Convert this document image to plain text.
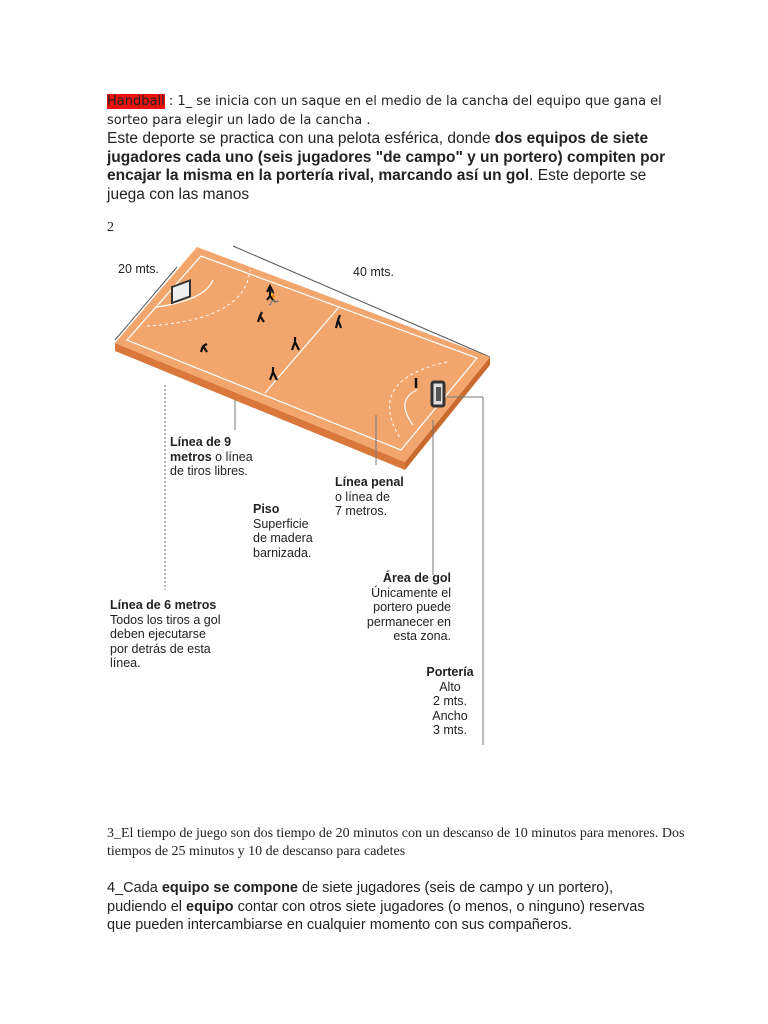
Handball : 1_ se inicia con un saque en el medio de la cancha del equipo que gana el sorteo para elegir un lado de la cancha .
Este deporte se practica con una pelota esférica, donde dos equipos de siete jugadores cada uno (seis jugadores "de campo" y un portero) compiten por encajar la misma en la portería rival, marcando así un gol. Este deporte se juega con las manos
2
🏃
20 mts.	40 mts.
Línea de 9
metros o línea
de tiros libres.
Piso
Superficie
de madera
barnizada.
Línea penal
o línea de
7 metros.
Área de gol
Únicamente el
portero puede
permanecer en
esta zona.
Línea de 6 metros
Todos los tiros a gol
deben ejecutarse
por detrás de esta
línea.
Portería
Alto
2 mts.
Ancho
3 mts.
3_El tiempo de juego son dos tiempo de 20 minutos con un descanso de 10 minutos para menores. Dos tiempos de 25 minutos y 10 de descanso para cadetes
4_Cada equipo se compone de siete jugadores (seis de campo y un portero), pudiendo el equipo contar con otros siete jugadores (o menos, o ninguno) reservas que pueden intercambiarse en cualquier momento con sus compañeros.
